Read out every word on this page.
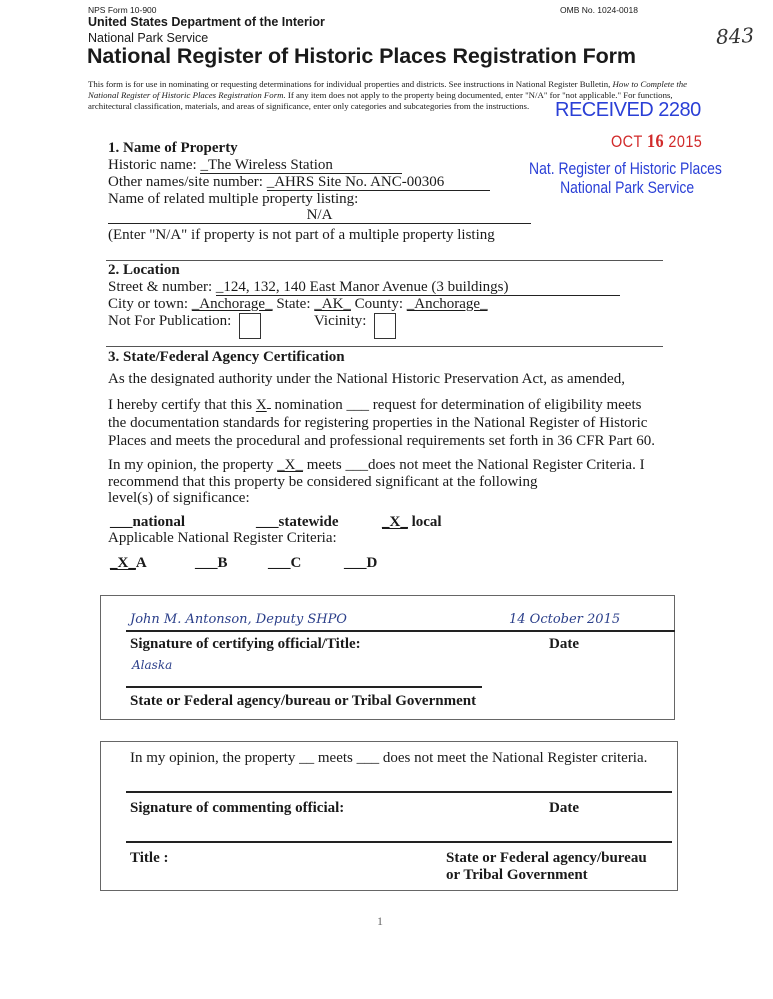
NPS Form 10-900	OMB No. 1024-0018
United States Department of the Interior
National Park Service
National Register of Historic Places Registration Form
843
This form is for use in nominating or requesting determinations for individual properties and districts. See instructions in National Register Bulletin, How to Complete the National Register of Historic Places Registration Form. If any item does not apply to the property being documented, enter "N/A" for "not applicable." For functions, architectural classification, materials, and areas of significance, enter only categories and subcategories from the instructions.	RECEIVED 2280
OCT 16 2015
Nat. Register of Historic Places
National Park Service
1. Name of Property
Historic name: _The Wireless Station
Other names/site number: _AHRS Site No. ANC-00306
Name of related multiple property listing:
N/A
(Enter "N/A" if property is not part of a multiple property listing
2. Location
Street & number: _124, 132, 140 East Manor Avenue (3 buildings)
City or town: _Anchorage_ State: _AK_ County: _Anchorage_
Not For Publication:	Vicinity:
3. State/Federal Agency Certification
As the designated authority under the National Historic Preservation Act, as amended,
I hereby certify that this X nomination ___ request for determination of eligibility meets
the documentation standards for registering properties in the National Register of Historic
Places and meets the procedural and professional requirements set forth in 36 CFR Part 60.
In my opinion, the property _X_ meets ___does not meet the National Register Criteria. I
recommend that this property be considered significant at the following
level(s) of significance:
___national	___statewide	_X_ local
Applicable National Register Criteria:
_X_A	___B	___C	___D
John M. Antonson, Deputy SHPO	14 October 2015
Signature of certifying official/Title:	Date
Alaska
State or Federal agency/bureau or Tribal Government
In my opinion, the property __ meets ___ does not meet the National Register criteria.
Signature of commenting official:	Date
Title :	State or Federal agency/bureau
or Tribal Government
1
